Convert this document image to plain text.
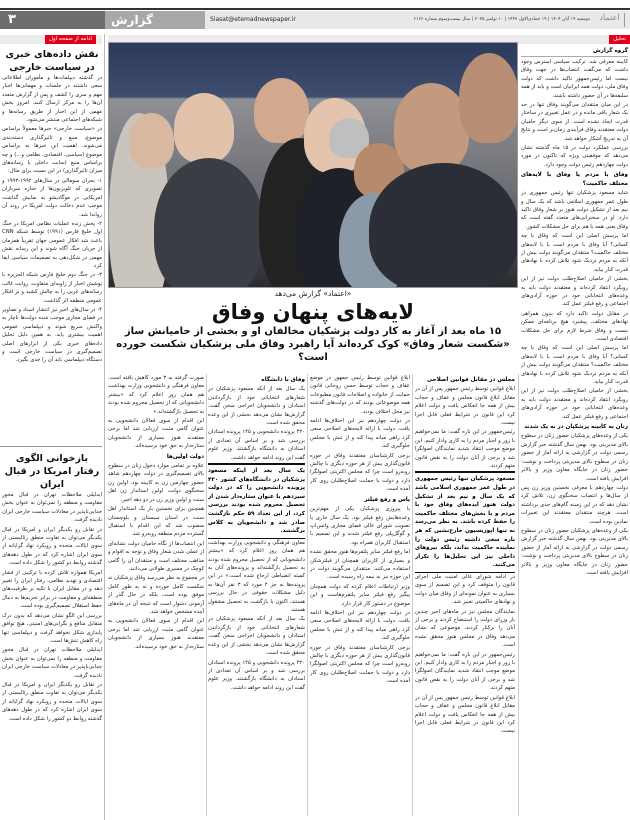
۳	گزارش	Siasat@etemadnewspaper.ir	دوشنبه ۱۹ آبان ۱۴۰۴ | ۱۹ جمادی‌الاول ۱۴۴۷ | ۱۰ نوامبر ۲۰۲۵ | سال بیست‌وسوم شماره ۶۱۶۶	اعتماد
ادامه از صفحه اول	تحلیل
نقش داده‌های خبری در سیاست خارجی

در گذشته دیپلمات‌ها و مأموران اطلاعاتی سعی داشتند در جلسات و مهمانی‌ها اخبار مهم و سری را کشف و پس از گزارش متعدد آن‌ها را به مرکز ارسال کنند. امروز بخش مهمی از این اخبار از طریق رسانه‌ها و شبکه‌های اجتماعی منتشر می‌شود.

در «سیاست خارجی» خبرها معمولاً براساس موضوع، منبع و تاثیرگذاری دسته‌بندی می‌شوند. اهمیت این خبرها به براساس موضوع (سیاسی، اقتصادی، نظامی و...) و چه براساس منبع (سایت داخلی یا رسانه‌های میزان تاثیرگذاری) در این نسبت برای مثال:

۱- بحران سومالی در سال‌های ۱۹۹۲-۱۹۹۳ و تصویری که تلویزیون‌ها از جنازه سربازان امریکایی در موگادیشو به نمایش گذاشت موجب عدم دخالت دولت امریکا در روند آن رواندا شد.

۲- پخش زنده عملیات نظامی امریکا در جنگ اول خلیج فارس (۱۹۹۱) توسط شبکه CNN باعث شد افکار عمومی جهان تقریباً همزمان از جریان جنگ آگاه شوند و این رسانه نقش مهمی در شکل‌دهی به تصمیمات سیاسی ایفا کرد.

۳- در جنگ دوم خلیج فارس شبکه الجزیره با پوشش اخبار از زاویه‌ای متفاوت، روایت غالب رسانه‌های غربی را به چالش کشید و بر افکار عمومی منطقه اثر گذاشت.

۴- در سال‌های اخیر نیز انتشار اسناد و تصاویر در فضای مجازی موجب شده دولت‌ها ناچار به واکنش سریع شوند و دیپلماسی عمومی اهمیت بیشتری یابد. به همین دلیل تحلیل داده‌های خبری یکی از ابزارهای اصلی تصمیم‌گیری در سیاست خارجی است و دستگاه دیپلماسی باید آن را جدی بگیرد.

بازخوانی الگوی رفتار امریکا در قبال ایران

ایدلیلی ملاحظات تهران در قبال محور مقاومت و منطقه را نمی‌توان به عنوان بخش جدایی‌ناپذیر در معادلات سیاست خارجی ایران نادیده گرفت.

در تقابل رو یکدیگر ایران و امریکا در قبال یکدیگر می‌توان به تفاوت منطق رئالیستی از سوی ایالات متحده و رویکرد نهاد گرایانه از سوی ایران اشاره کرد که در طول دهه‌های گذشته روابط دو کشور را شکل داده است.

امریکا همواره تلاش کرده با ترکیبی از فشار اقتصادی و تهدید نظامی، رفتار ایران را تغییر دهد و در مقابل ایران با تکیه بر ظرفیت‌های منطقه‌ای و مقاومت در برابر تحریم‌ها به دنبال حفظ استقلال تصمیم‌گیری بوده است.

بررسی این الگو نشان می‌دهد که بدون درک متقابل منافع و نگرانی‌های امنیتی، هیچ توافق پایداری شکل نخواهد گرفت و دیپلماسی تنها راه کاهش تنش‌ها است.

ایدلیلی ملاحظات تهران در قبال محور مقاومت و منطقه را نمی‌توان به عنوان بخش جدایی‌ناپذیر در معادلات سیاست خارجی ایران نادیده گرفت.

در تقابل رو یکدیگر ایران و امریکا در قبال یکدیگر می‌توان به تفاوت منطق رئالیستی از سوی ایالات متحده و رویکرد نهاد گرایانه از سوی ایران اشاره کرد که در طول دهه‌های گذشته روابط دو کشور را شکل داده است.

«اعتماد» گزارش می‌دهد
لایه‌های پنهان وفاق
۱۵ ماه بعد از آغاز به کار دولت پزشکیان مخالفان او و بخشی از حامیانش ساز «شکست شعار وفاق» کوک کرده‌اند آیا راهبرد وفاق ملی پزشکیان شکست خورده است؟
گروه گزارش

کابینه معرفی شد. ترکیب سیاسی استرس وجود داشت که می‌گفت انتصاب‌ها در جهت وفاق نیست اما رئیس‌جمهور تاکید داشت که دولت وفاق ملی، دولت همه ایرانیان است و باید از همه سلیقه‌ها در آن حضور داشته باشند.

در این میان منتقدان می‌گویند وفاق تنها در حد یک شعار باقی مانده و در عمل تغییری در ساختار قدرت ایجاد نشده است. از سوی دیگر حامیان دولت معتقدند وفاق فرآیندی زمان‌بر است و نتایج آن به تدریج آشکار خواهد شد.

بررسی عملکرد دولت در ۱۵ ماه گذشته نشان می‌دهد که موفقیتی ویژه که تاکنون در مورد دولت چهاردهم رئیس دولت وجود دارد.

وفاق با مردم یا وفاق با لایه‌های مختلف حاکمیت؟

شاید مسعود پزشکیان تنها رئیس جمهوری در طول عمر جمهوری اسلامی باشد که یک سال و نیم بعد از تشکیل دولت هنوز بر شعار وفاق تاکید دارد. او در سخنرانی‌های متعدد گفته است که وفاق یعنی همه با هم برای حل مشکلات کشور.

اما پرسش اصلی این است که وفاق با چه کسانی؟ آیا وفاق با مردم است یا با لایه‌های مختلف حاکمیت؟ منتقدان می‌گویند دولت بیش از آنکه به مردم نزدیک شود تلاش کرده با نهادهای قدرت کنار بیاید.

بخشی از حامیان اصلاح‌طلب دولت نیز از این رویکرد انتقاد کرده‌اند و معتقدند دولت باید به وعده‌های انتخاباتی خود در حوزه آزادی‌های اجتماعی و رفع فیلتر عمل کند.

در مقابل دولت تاکید دارد که بدون همراهی نهادهای مختلف، پیشبرد هیچ برنامه‌ای ممکن نیست و وفاق شرط لازم برای حل مشکلات اقتصادی است.

اما پرسش اصلی این است که وفاق با چه کسانی؟ آیا وفاق با مردم است یا با لایه‌های مختلف حاکمیت؟ منتقدان می‌گویند دولت بیش از آنکه به مردم نزدیک شود تلاش کرده با نهادهای قدرت کنار بیاید.

بخشی از حامیان اصلاح‌طلب دولت نیز از این رویکرد انتقاد کرده‌اند و معتقدند دولت باید به وعده‌های انتخاباتی خود در حوزه آزادی‌های اجتماعی و رفع فیلتر عمل کند.

زنان به کابینه پزشکیان در نه یک شدند

یکی از وعده‌های پزشکیان حضور زنان در سطوح بالای مدیریتی بود. بهمن سال گذشته خبر گزارش رسمی دولت در گزارشی به ارائه آمار از حضور زنان در سطوح بالای مدیریتی پرداخت و نوشت: حضور زنان در جایگاه معاون وزیر و بالاتر افزایش یافته است.

دولت چهاردهم با معرفی نخستین وزیر زن پس از سال‌ها و انتصاب سخنگوی زن، تلاش کرد نشان دهد که در این زمینه گام‌های جدی برداشته است، هرچند منتقدان معتقدند این تغییرات نمادین بوده است.

یکی از وعده‌های پزشکیان حضور زنان در سطوح بالای مدیریتی بود. بهمن سال گذشته خبر گزارش رسمی دولت در گزارشی به ارائه آمار از حضور زنان در سطوح بالای مدیریتی پرداخت و نوشت: حضور زنان در جایگاه معاون وزیر و بالاتر افزایش یافته است.

مجلس در مقابل قوانین اصلاحی

ابلاغ قوانین توسط رئیس جمهور پس از آن در مقابل ابلاغ قانون مجلس و عفاف و حجاب بیش از همه جا انعکاس یافت و دولت اعلام کرد این قانون در شرایط فعلی قابل اجرا نیست.

رئیس‌جمهور در این باره گفت: ما نمی‌خواهیم با زور و اجبار مردم را به کاری وادار کنیم. این موضع موجب انتقاد شدید نمایندگان اصولگرا شد و برخی از آنان دولت را به نقض قانون متهم کردند.

مسعود پزشکیان تنها رئیس جمهوری در طول عمر جمهوری اسلامی باشد که یک سال و نیم بعد از تشکیل دولت هنوز ایده‌های وفاق خود با مردم و با بخش‌های مختلف حاکمیت را حفظ کرده باشد. به نظر می‌رسد نه تنها اپوزیسیون خارج‌نشین که هر باره سعی داشته رئیس دولت را نماینده حاکمیت بداند، بلکه نیروهای داخلی نیز این تحلیل‌ها را تکرار می‌کنند.

در ادامه شورای عالی امنیت ملی اجرای قانون را متوقف کرد و این تصمیم از سوی بسیاری به عنوان نمونه‌ای از وفاق میان دولت و نهادهای حاکمیتی تعبیر شد.

نمایندگان مجلس نیز در ماه‌های اخیر چندین بار وزرای دولت را استیضاح کردند و برخی از آنان را برکنار کردند، موضوعی که نشان می‌دهد وفاق در مجلس هنوز محقق نشده است.

رئیس‌جمهور در این باره گفت: ما نمی‌خواهیم با زور و اجبار مردم را به کاری وادار کنیم. این موضع موجب انتقاد شدید نمایندگان اصولگرا شد و برخی از آنان دولت را به نقض قانون متهم کردند.

ابلاغ قوانین توسط رئیس جمهور پس از آن در مقابل ابلاغ قانون مجلس و عفاف و حجاب بیش از همه جا انعکاس یافت و دولت اعلام کرد این قانون در شرایط فعلی قابل اجرا نیست.

ابلاغ قوانین توسط رئیس جمهور در موضع عفاف و حجاب توسط حسن روحانی قانون حمایت از خانواده و اصلاحات قانون مطبوعات همه موضوعاتی بودند که در دولت‌های گذشته نیز محل اختلاف بودند.

در دولت چهاردهم نیز این اختلاف‌ها ادامه یافت. دولت با ارائه لایحه‌های اصلاحی سعی کرد راهی میانه پیدا کند و از تنش با مجلس جلوگیری کند.

برخی کارشناسان معتقدند وفاق در حوزه قانون‌گذاری بیش از هر حوزه دیگری با چالش روبه‌رو است چرا که مجلس اکثریتی اصولگرا دارد و دولت با حمایت اصلاح‌طلبان روی کار آمده است.

یاس و رفع فیلتر

با پیروزی پزشکیان یکی از مهم‌ترین وعده‌هایش رفع فیلتر بود. یک سال جاری با تصویب شورای عالی فضای مجازی واتس‌اپ و گوگل‌پلی رفع فیلتر شدند و این تصمیم با استقبال کاربران همراه بود.

اما رفع فیلتر سایر پلتفرم‌ها هنوز محقق نشده و بسیاری از کاربران همچنان از فیلترشکن استفاده می‌کنند. منتقدان می‌گویند دولت در این حوزه نیز به نیمه راه رسیده است.

وزیر ارتباطات اعلام کرده که دولت همچنان پیگیر رفع فیلتر سایر پلتفرم‌هاست و این موضوع در دستور کار قرار دارد.

در دولت چهاردهم نیز این اختلاف‌ها ادامه یافت. دولت با ارائه لایحه‌های اصلاحی سعی کرد راهی میانه پیدا کند و از تنش با مجلس جلوگیری کند.

برخی کارشناسان معتقدند وفاق در حوزه قانون‌گذاری بیش از هر حوزه دیگری با چالش روبه‌رو است چرا که مجلس اکثریتی اصولگرا دارد و دولت با حمایت اصلاح‌طلبان روی کار آمده است.

وفاق با دانشگاه

یک سال بعد از آنکه مسعود پزشکیان در شعارهای انتخاباتی خود از بازگرداندن استادان و دانشجویان اخراجی سخن گفت، گزارش‌ها نشان می‌دهد بخشی از این وعده محقق شده است.

۴۳۰ پرونده دانشجویی و ۱۴۵ پرونده استادان بررسی شد و بر اساس آن تعدادی از استادان به دانشگاه بازگشتند. وزیر علوم گفت این روند ادامه خواهد داشت.

یک سال بعد از اینکه مسعود پزشکیان در دانشگاه‌های کشور ۴۳۰ پرونده دانشجویی را که در دولت سیزدهم با عنوان ستاره‌دار شدن از تحصیل محروم شده بودند بررسی کرد، از این تعداد ۵۹ حکم بازگشت صادر شد و دانشجویان به کلاس برگشتند.

معاون فرهنگی و دانشجویی وزارت بهداشت هم همان روز اعلام کرد که «بیشتر دانشجویانی که از تحصیل محروم شده بودند به تحصیل بازگشته‌اند و پرونده‌های آنان به کمیته انضباطی ارجاع شده است.» در این پرونده‌ها به جز ۴ مورد که ۳ نفر آن‌ها به دلیل مشکلات حقوقی در حال بررسی هستند، اکنون با بازگشت به تحصیل مشغول هستند.

یک سال بعد از آنکه مسعود پزشکیان در شعارهای انتخاباتی خود از بازگرداندن استادان و دانشجویان اخراجی سخن گفت، گزارش‌ها نشان می‌دهد بخشی از این وعده محقق شده است.

۴۳۰ پرونده دانشجویی و ۱۴۵ پرونده استادان بررسی شد و بر اساس آن تعدادی از استادان به دانشگاه بازگشتند. وزیر علوم گفت این روند ادامه خواهد داشت.

صورت گرفته به ۳ مورد کاهش یافته است. معاون فرهنگی و دانشجویی وزارت بهداشت هم همان روز اعلام کرد که «بیشتر دانشجویانی که از تحصیل محروم شده بودند به تحصیل بازگشته‌اند.»

این اقدام از سوی فعالان دانشجویی به عنوان گامی مثبت ارزیابی شد اما برخی معتقدند هنوز بسیاری از دانشجویان ستاره‌دار به حق خود نرسیده‌اند.

دولت اولین‌ها

علاوه بر تمامی موارد دخول زنان در سطوح بالای تصمیم‌گیری در دولت چهاردهم شاهد حضور چهارمین زن به کابینه بود. اولین زن سخنگوی دولت، اولین استاندار زن اهل سنت و اولین وزیر زن در دو دهه اخیر.

همچنین برای نخستین بار یک استاندار اهل سنت در استان سیستان و بلوچستان منصوب شد که این اقدام با استقبال گسترده مردم منطقه روبه‌رو شد.

این انتصاب‌ها از نگاه حامیان دولت نشانه‌ای از عملی شدن شعار وفاق و توجه به اقوام و مذاهب مختلف است و منتقدان آن را گامی کوچک در مسیری طولانی می‌دانند.

در مجموع به نظر می‌رسد وفاق پزشکیان نه شکست کامل خورده و نه به طور کامل موفق بوده است، بلکه در حال گذر از آزمونی دشوار است که نتیجه آن در ماه‌های آینده مشخص خواهد شد.

این اقدام از سوی فعالان دانشجویی به عنوان گامی مثبت ارزیابی شد اما برخی معتقدند هنوز بسیاری از دانشجویان ستاره‌دار به حق خود نرسیده‌اند.
